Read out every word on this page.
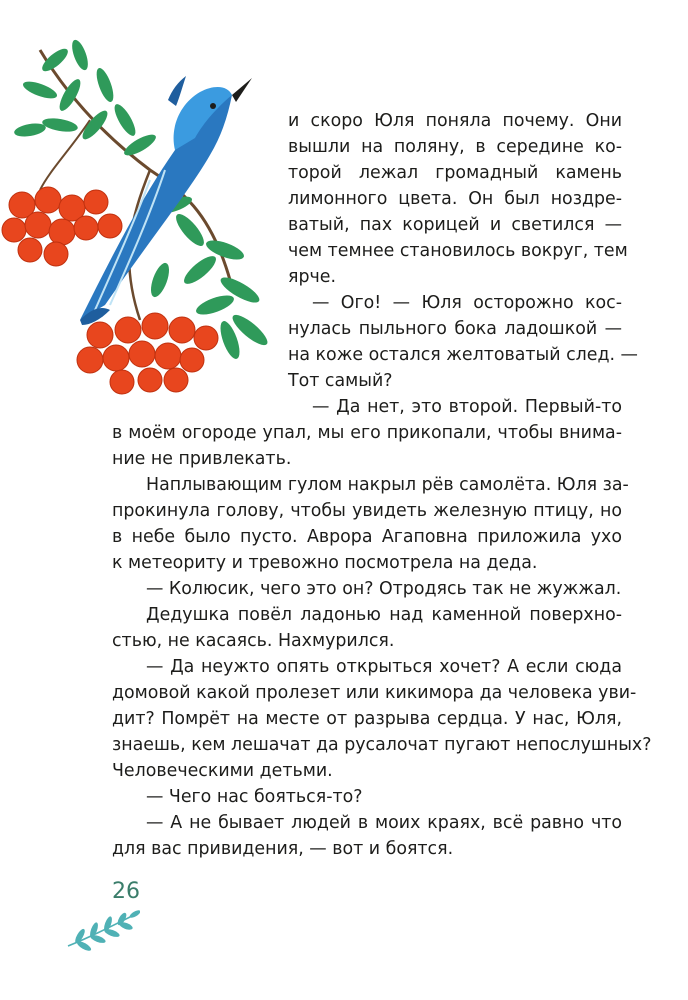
и скоро Юля поняла почему. Они
вышли на поляну, в середине ко-
торой лежал громадный камень
лимонного цвета. Он был ноздре-
ватый, пах корицей и светился —
чем темнее становилось вокруг, тем
ярче.
— Ого! — Юля осторожно кос-
нулась пыльного бока ладошкой —
на коже остался желтоватый след. —
Тот самый?
— Да нет, это второй. Первый-то
в моём огороде упал, мы его прикопали, чтобы внима-
ние не привлекать.
Наплывающим гулом накрыл рёв самолёта. Юля за-
прокинула голову, чтобы увидеть железную птицу, но
в небе было пусто. Аврора Агаповна приложила ухо
к метеориту и тревожно посмотрела на деда.
— Колюсик, чего это он? Отродясь так не жужжал.
Дедушка повёл ладонью над каменной поверхно-
стью, не касаясь. Нахмурился.
— Да неужто опять открыться хочет? А если сюда
домовой какой пролезет или кикимора да человека уви-
дит? Помрёт на месте от разрыва сердца. У нас, Юля,
знаешь, кем лешачат да русалочат пугают непослушных?
Человеческими детьми.
— Чего нас бояться-то?
— А не бывает людей в моих краях, всё равно что
для вас привидения, — вот и боятся.
26
